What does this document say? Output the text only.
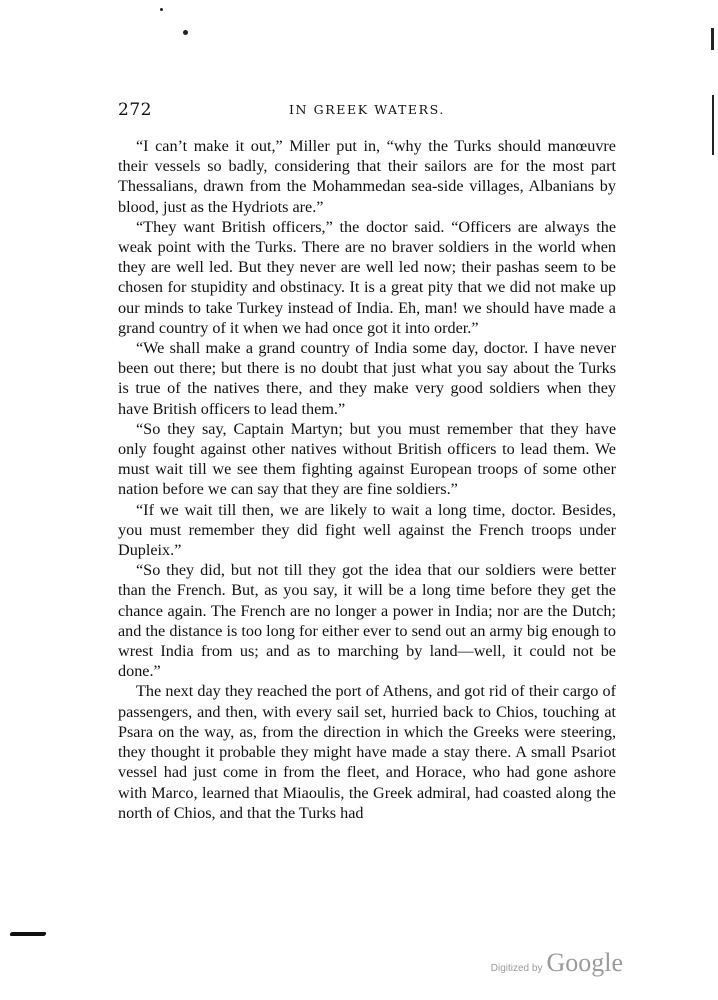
272	IN GREEK WATERS.

“I can’t make it out,” Miller put in, “why the Turks should manœuvre their vessels so badly, considering that their sailors are for the most part Thessalians, drawn from the Mohammedan sea-side villages, Albanians by blood, just as the Hydriots are.”

“They want British officers,” the doctor said. “Officers are always the weak point with the Turks. There are no braver soldiers in the world when they are well led. But they never are well led now; their pashas seem to be chosen for stupidity and obstinacy. It is a great pity that we did not make up our minds to take Turkey instead of India. Eh, man! we should have made a grand country of it when we had once got it into order.”

“We shall make a grand country of India some day, doctor. I have never been out there; but there is no doubt that just what you say about the Turks is true of the natives there, and they make very good soldiers when they have British officers to lead them.”

“So they say, Captain Martyn; but you must remember that they have only fought against other natives without British officers to lead them. We must wait till we see them fighting against European troops of some other nation before we can say that they are fine soldiers.”

“If we wait till then, we are likely to wait a long time, doctor. Besides, you must remember they did fight well against the French troops under Dupleix.”

“So they did, but not till they got the idea that our soldiers were better than the French. But, as you say, it will be a long time before they get the chance again. The French are no longer a power in India; nor are the Dutch; and the distance is too long for either ever to send out an army big enough to wrest India from us; and as to marching by land—well, it could not be done.”

The next day they reached the port of Athens, and got rid of their cargo of passengers, and then, with every sail set, hurried back to Chios, touching at Psara on the way, as, from the direction in which the Greeks were steering, they thought it probable they might have made a stay there. A small Psariot vessel had just come in from the fleet, and Horace, who had gone ashore with Marco, learned that Miaoulis, the Greek admiral, had coasted along the north of Chios, and that the Turks had

Digitized by Google
